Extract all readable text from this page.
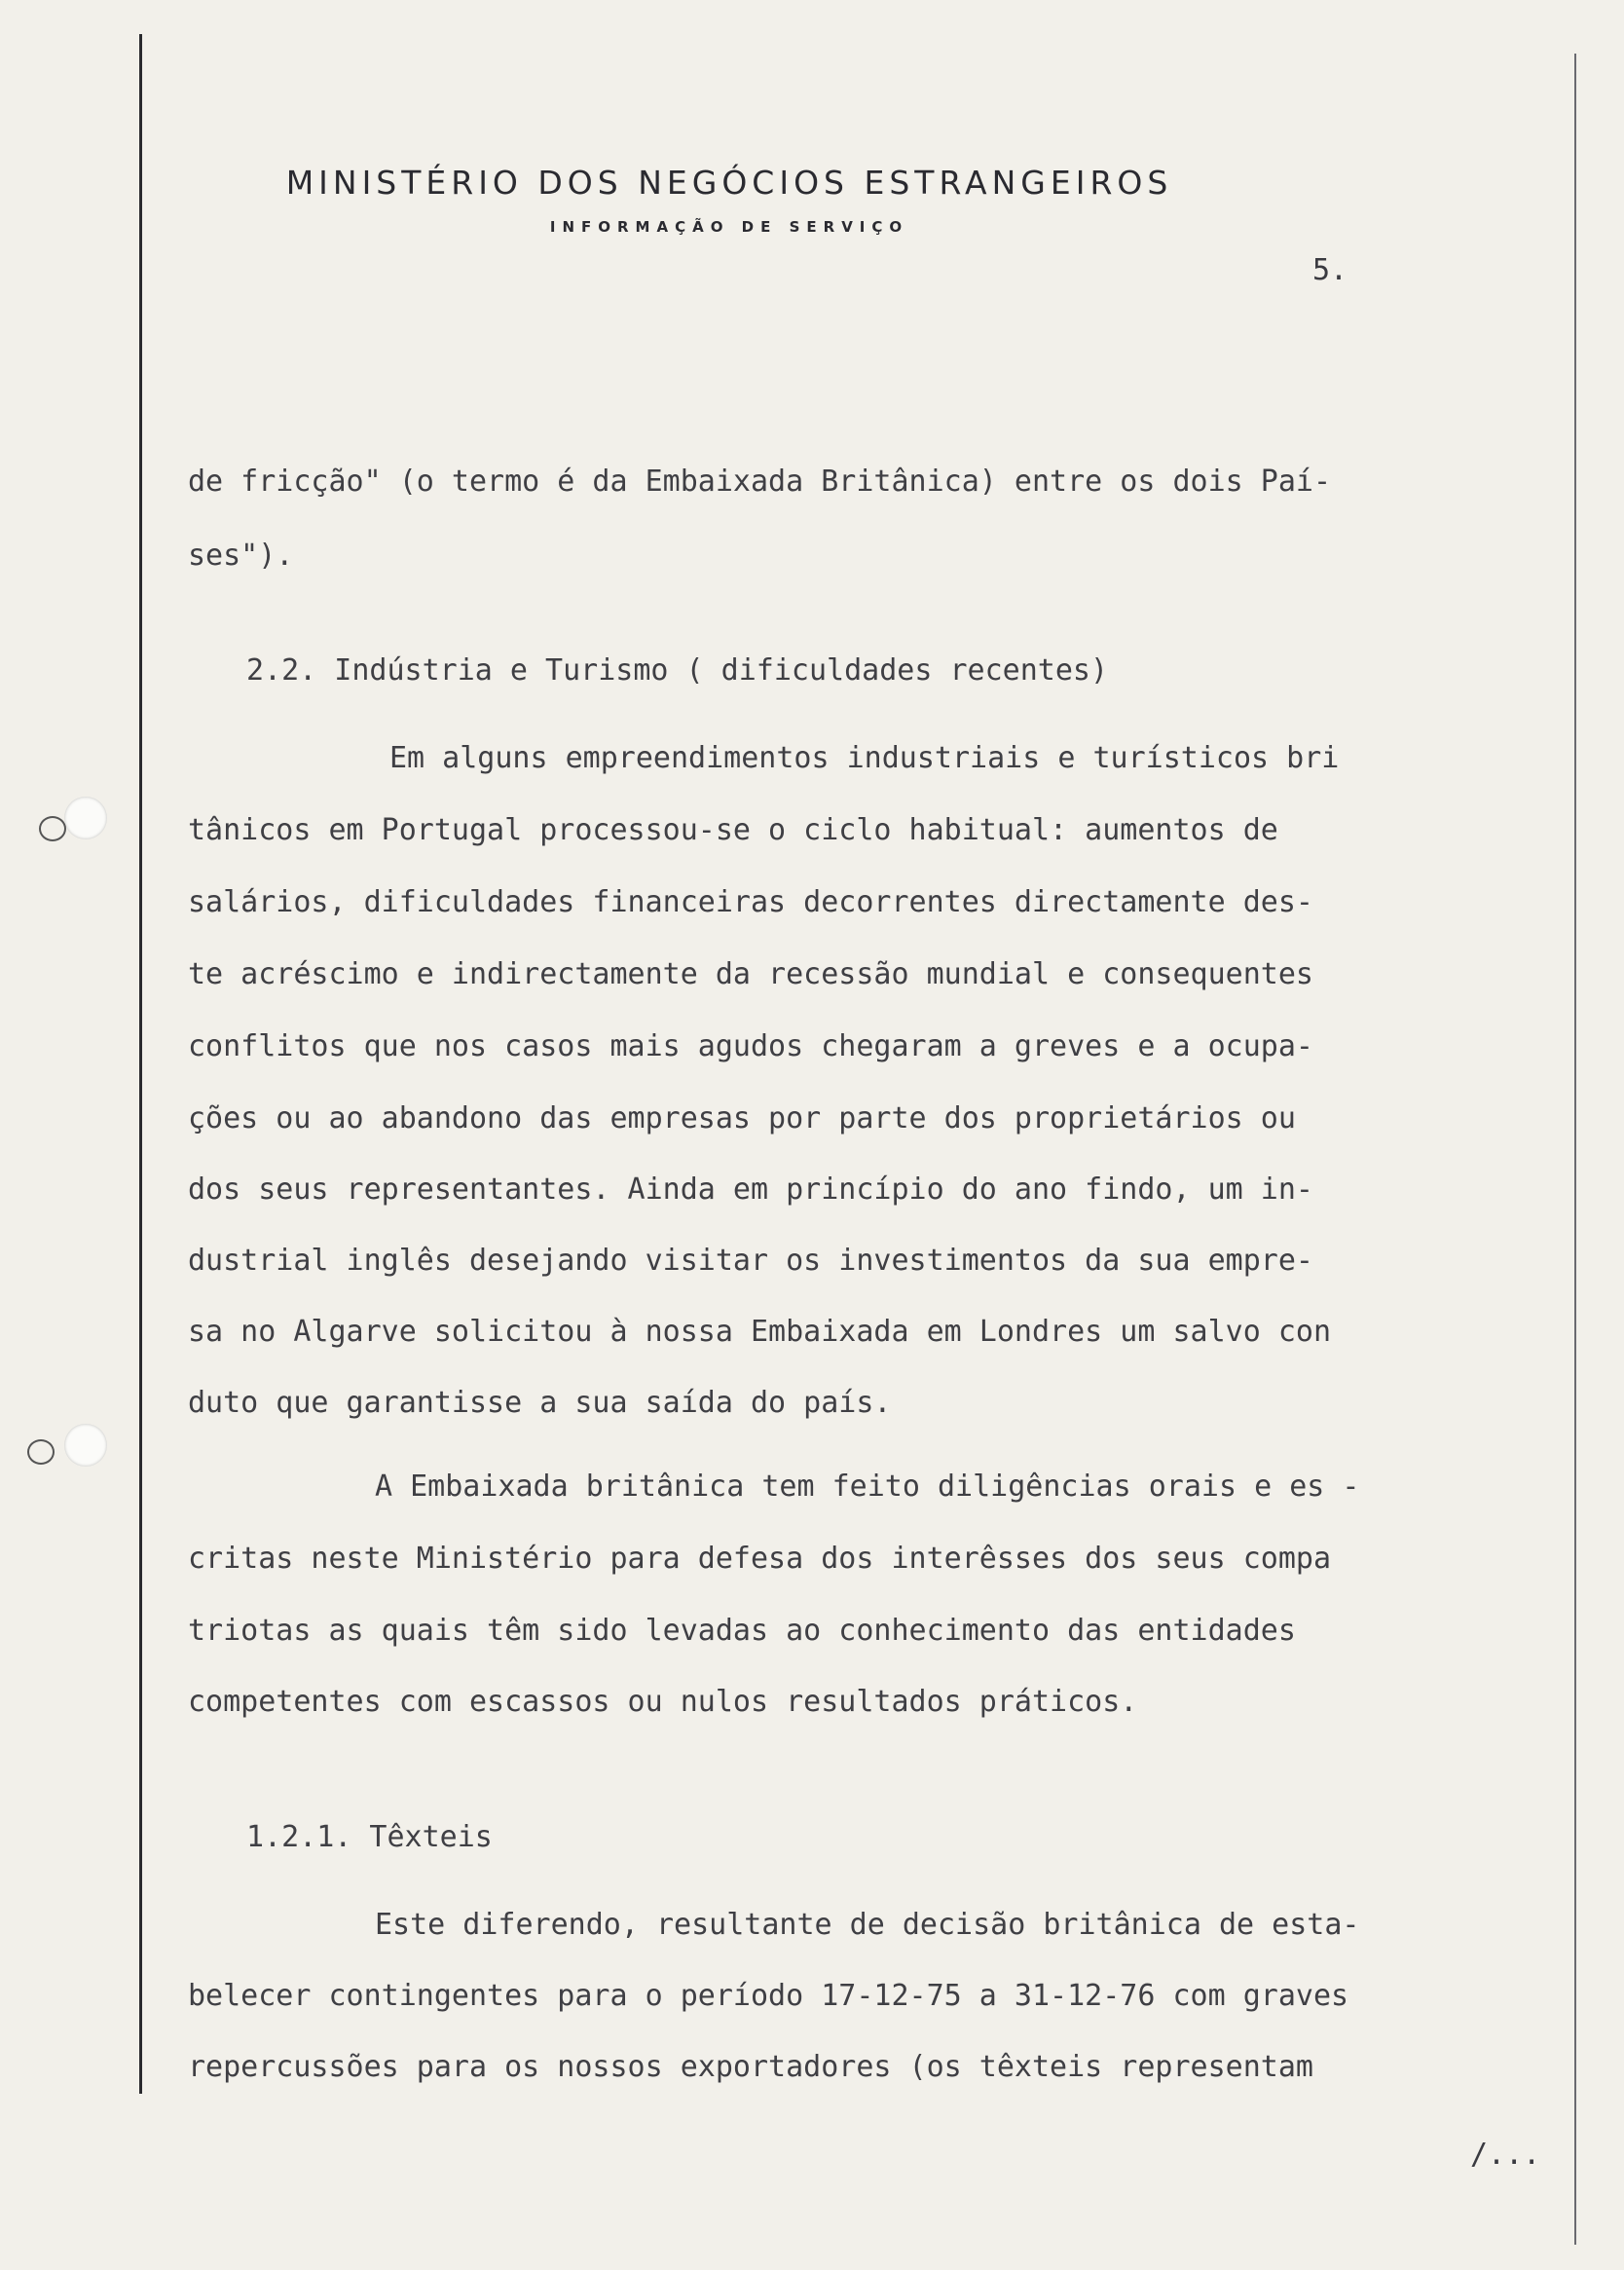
MINISTÉRIO DOS NEGÓCIOS ESTRANGEIROS
INFORMAÇÃO DE SERVIÇO
5.
de fricção" (o termo é da Embaixada Britânica) entre os dois Paí-
ses").
2.2. Indústria e Turismo ( dificuldades recentes)
Em alguns empreendimentos industriais e turísticos bri
tânicos em Portugal processou-se o ciclo habitual: aumentos de
salários, dificuldades financeiras decorrentes directamente des-
te acréscimo e indirectamente da recessão mundial e consequentes
conflitos que nos casos mais agudos chegaram a greves e a ocupa-
ções ou ao abandono das empresas por parte dos proprietários ou
dos seus representantes. Ainda em princípio do ano findo, um in-
dustrial inglês desejando visitar os investimentos da sua empre-
sa no Algarve solicitou à nossa Embaixada em Londres um salvo con
duto que garantisse a sua saída do país.
A Embaixada britânica tem feito diligências orais e es -
critas neste Ministério para defesa dos interêsses dos seus compa
triotas as quais têm sido levadas ao conhecimento das entidades
competentes com escassos ou nulos resultados práticos.
1.2.1. Têxteis
Este diferendo, resultante de decisão britânica de esta-
belecer contingentes para o período 17-12-75 a 31-12-76 com graves
repercussões para os nossos exportadores (os têxteis representam
/...
